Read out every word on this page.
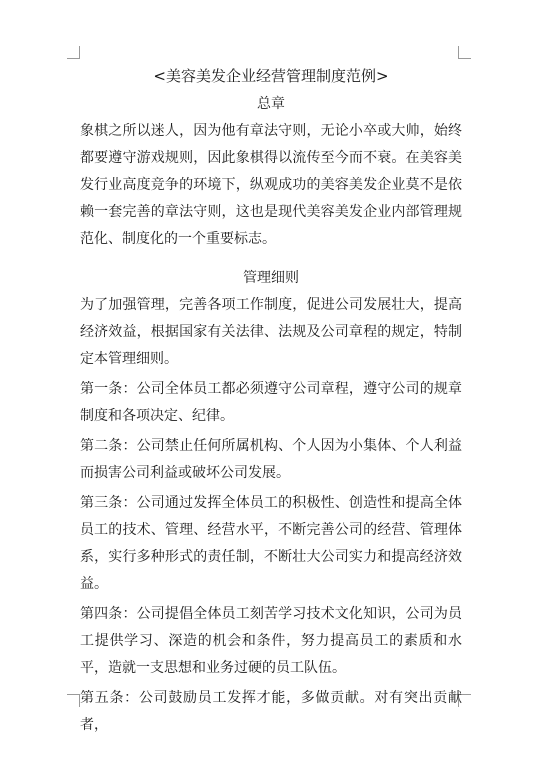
<美容美发企业经营管理制度范例>

总章

象棋之所以迷人，因为他有章法守则，无论小卒或大帅，始终都要遵守游戏规则，因此象棋得以流传至今而不衰。在美容美发行业高度竞争的环境下，纵观成功的美容美发企业莫不是依赖一套完善的章法守则，这也是现代美容美发企业内部管理规范化、制度化的一个重要标志。

管理细则

为了加强管理，完善各项工作制度，促进公司发展壮大，提高经济效益，根据国家有关法律、法规及公司章程的规定，特制定本管理细则。

第一条：公司全体员工都必须遵守公司章程，遵守公司的规章制度和各项决定、纪律。

第二条：公司禁止任何所属机构、个人因为小集体、个人利益而损害公司利益或破坏公司发展。

第三条：公司通过发挥全体员工的积极性、创造性和提高全体员工的技术、管理、经营水平，不断完善公司的经营、管理体系，实行多种形式的责任制，不断壮大公司实力和提高经济效益。

第四条：公司提倡全体员工刻苦学习技术文化知识，公司为员工提供学习、深造的机会和条件，努力提高员工的素质和水平，造就一支思想和业务过硬的员工队伍。

第五条：公司鼓励员工发挥才能，多做贡献。对有突出贡献者，
